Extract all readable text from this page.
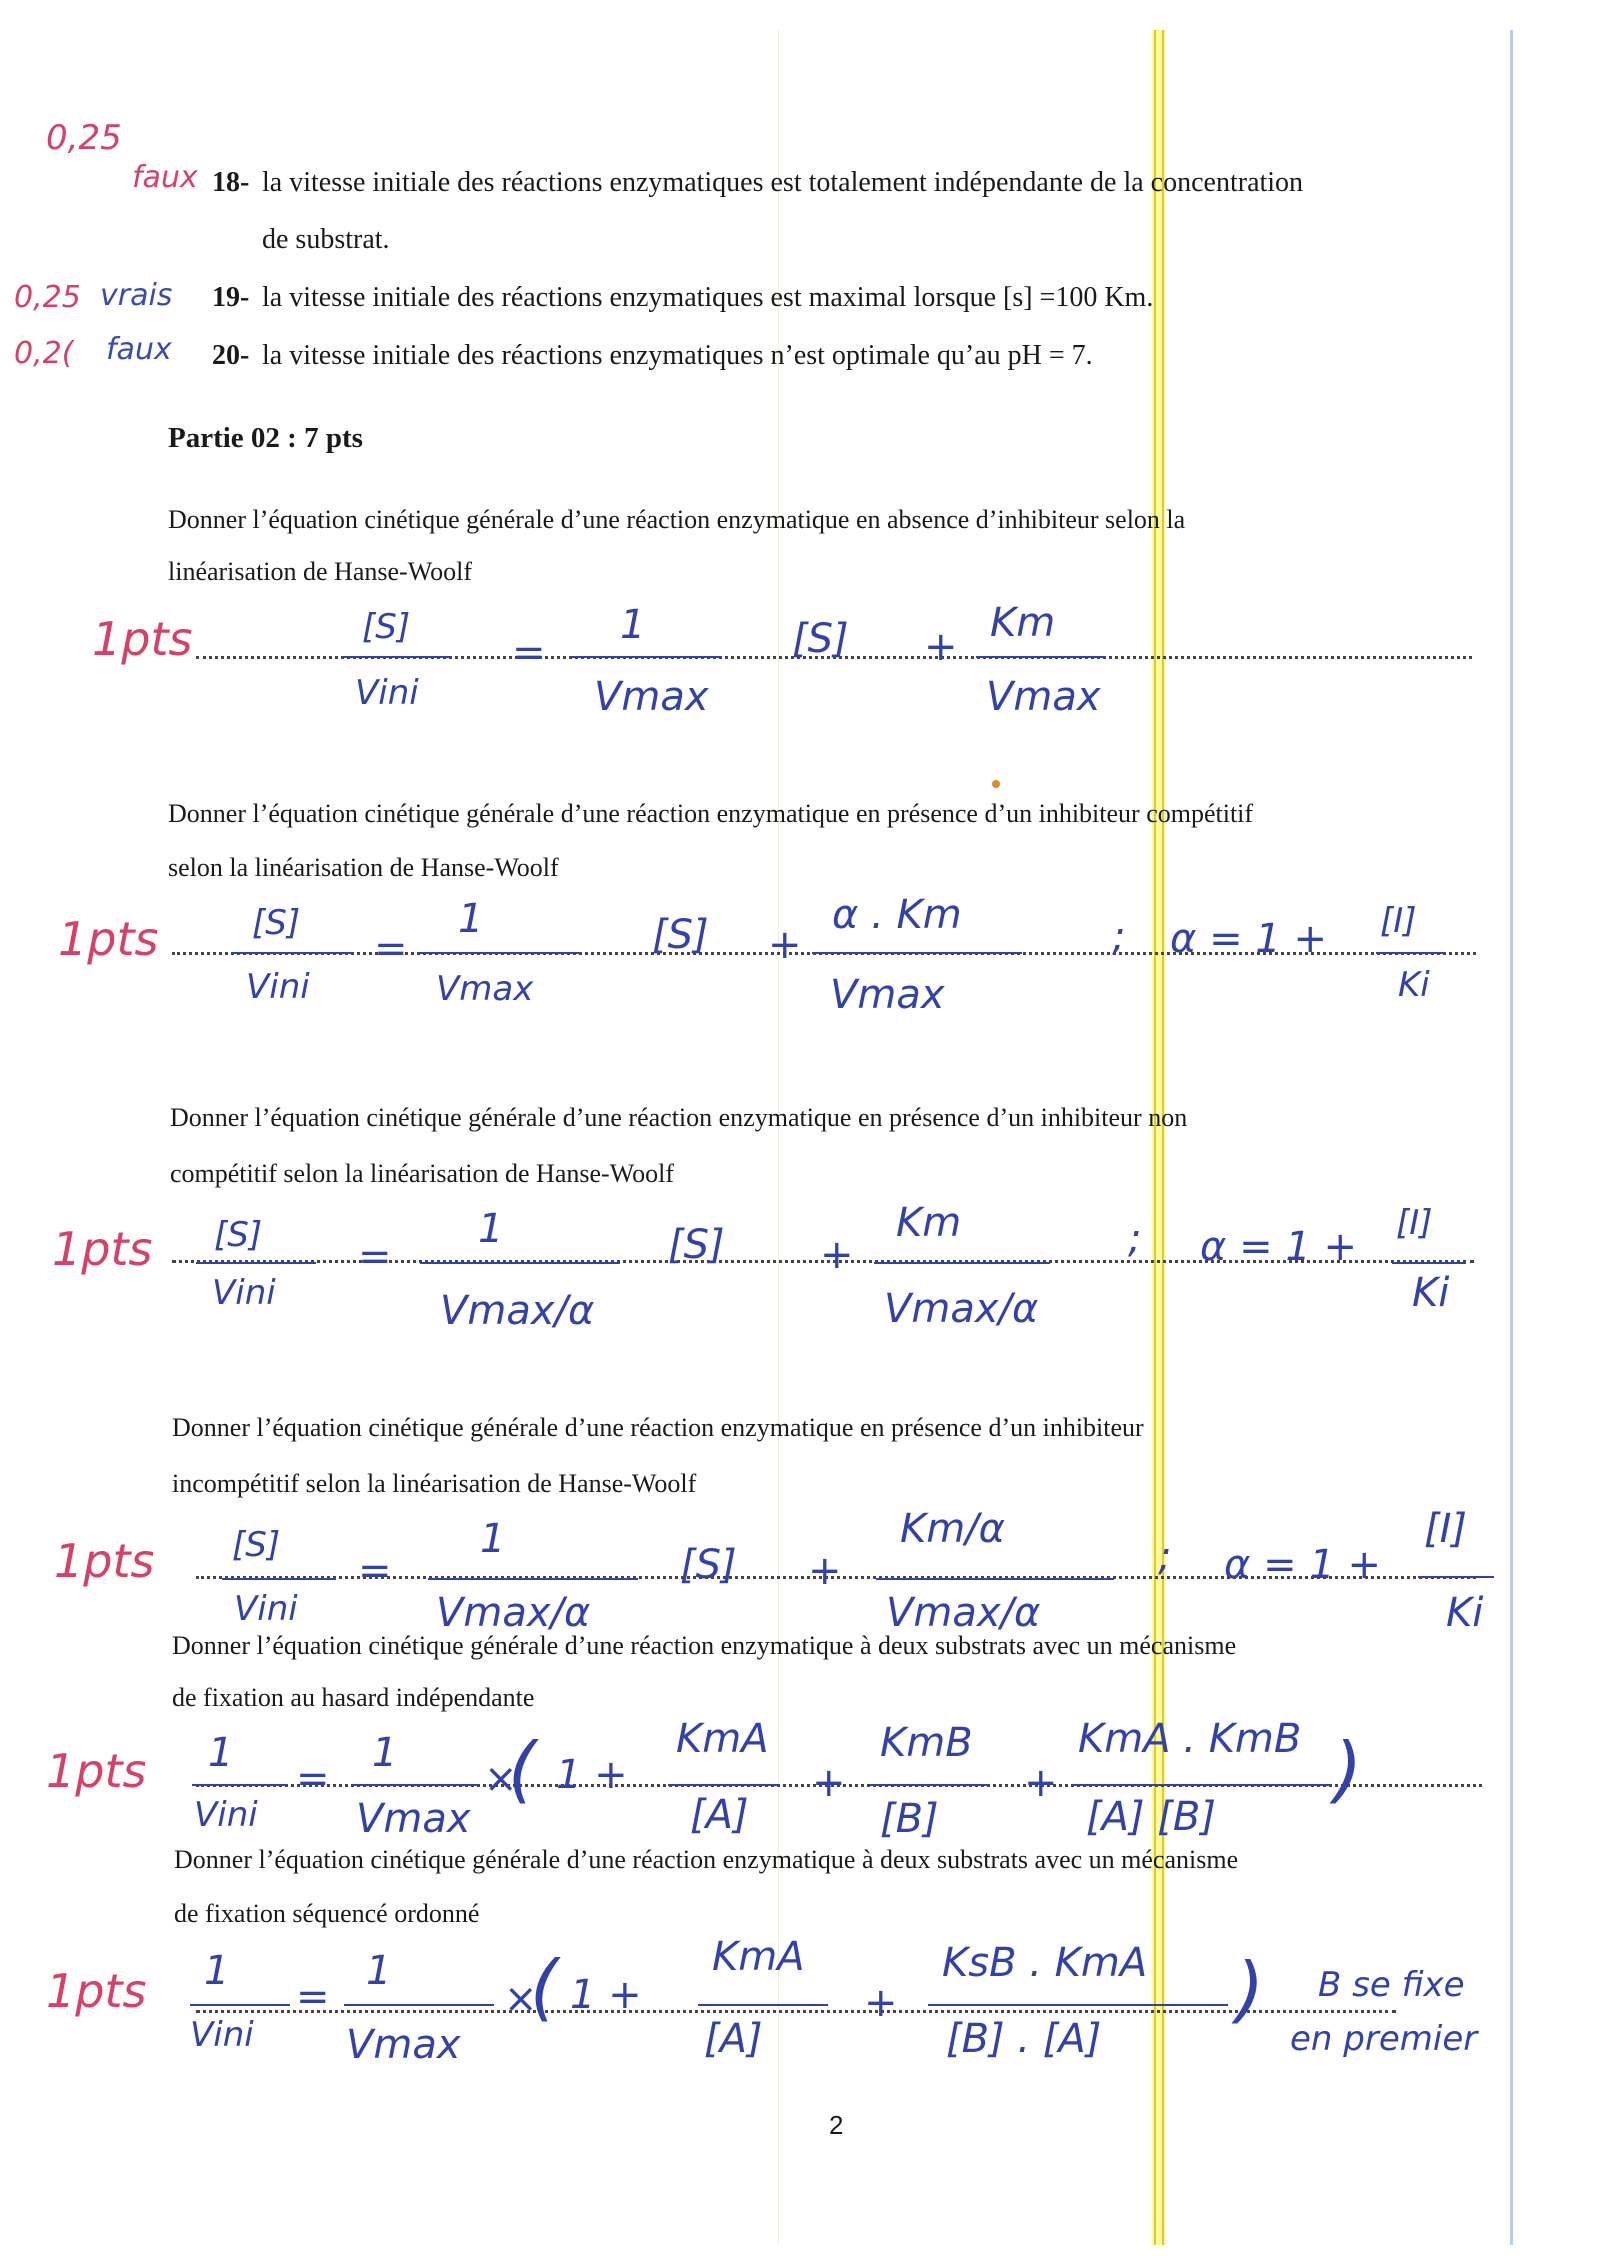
0,25
faux 18- la vitesse initiale des réactions enzymatiques est totalement indépendante de la concentration
de substrat.
0,25 vrais 19- la vitesse initiale des réactions enzymatiques est maximal lorsque [s] =100 Km.
0,2( faux 20- la vitesse initiale des réactions enzymatiques n’est optimale qu’au pH = 7.
Partie 02 : 7 pts
Donner l’équation cinétique générale d’une réaction enzymatique en absence d’inhibiteur selon la
linéarisation de Hanse-Woolf
1pts	[S]
Vini
=
1
Vmax
[S] +
Km
Vmax
Donner l’équation cinétique générale d’une réaction enzymatique en présence d’un inhibiteur compétitif
selon la linéarisation de Hanse-Woolf
1pts	[S]
Vini
=
1
Vmax
[S] +
α . Km
Vmax
; α = 1 + [I]
Ki
Donner l’équation cinétique générale d’une réaction enzymatique en présence d’un inhibiteur non
compétitif selon la linéarisation de Hanse-Woolf
1pts [S]
Vini
=
1
Vmax/α
[S] +
Km
Vmax/α
; α = 1 +
[I]
Ki
Donner l’équation cinétique générale d’une réaction enzymatique en présence d’un inhibiteur
incompétitif selon la linéarisation de Hanse-Woolf
1pts [S]
Vini
=
1
Vmax/α
[S] +
Km/α
Vmax/α
; α = 1 +
[I]
Ki
Donner l’équation cinétique générale d’une réaction enzymatique à deux substrats avec un mécanisme
de fixation au hasard indépendante
1pts 1
Vini
=
1
Vmax
×
( 1 +
KmA
[A]
+
KmB
[B]
+
KmA . KmB
[A] [B]
)
Donner l’équation cinétique générale d’une réaction enzymatique à deux substrats avec un mécanisme
de fixation séquencé ordonné
1pts 1
Vini
=
1
Vmax
×
( 1 +
KmA
[A]
+
KsB . KmA
[B] . [A]
) B se fixe
en premier
2
